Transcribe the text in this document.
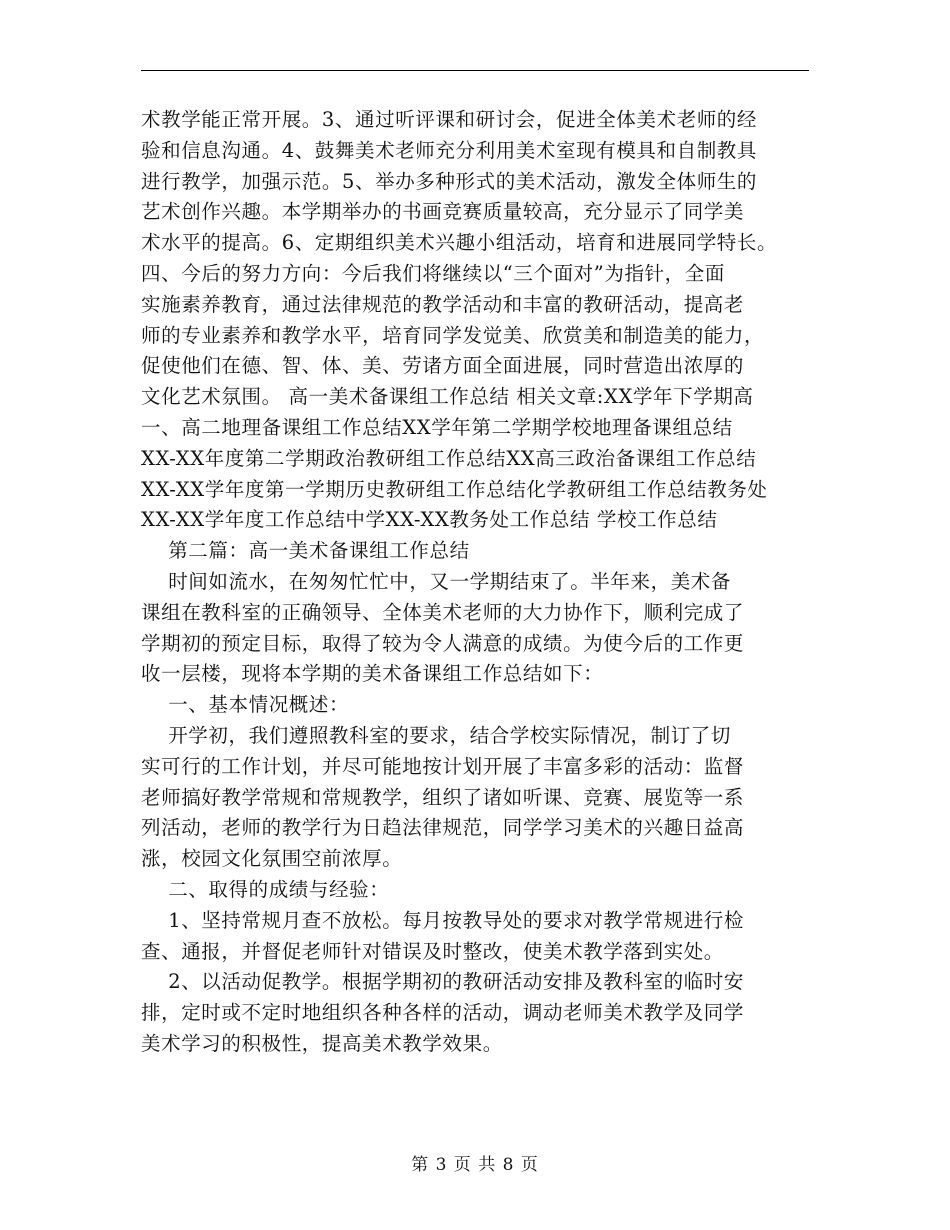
术教学能正常开展。3、通过听评课和研讨会，促进全体美术老师的经
验和信息沟通。4、鼓舞美术老师充分利用美术室现有模具和自制教具
进行教学，加强示范。5、举办多种形式的美术活动，激发全体师生的
艺术创作兴趣。本学期举办的书画竞赛质量较高，充分显示了同学美
术水平的提高。6、定期组织美术兴趣小组活动，培育和进展同学特长。
四、今后的努力方向：今后我们将继续以“三个面对”为指针，全面
实施素养教育，通过法律规范的教学活动和丰富的教研活动，提高老
师的专业素养和教学水平，培育同学发觉美、欣赏美和制造美的能力，
促使他们在德、智、体、美、劳诸方面全面进展，同时营造出浓厚的
文化艺术氛围。 高一美术备课组工作总结 相关文章:XX学年下学期高
一、高二地理备课组工作总结XX学年第二学期学校地理备课组总结
XX-XX年度第二学期政治教研组工作总结XX高三政治备课组工作总结
XX-XX学年度第一学期历史教研组工作总结化学教研组工作总结教务处
XX-XX学年度工作总结中学XX-XX教务处工作总结 学校工作总结
第二篇：高一美术备课组工作总结
时间如流水，在匆匆忙忙中，又一学期结束了。半年来，美术备
课组在教科室的正确领导、全体美术老师的大力协作下，顺利完成了
学期初的预定目标，取得了较为令人满意的成绩。为使今后的工作更
收一层楼，现将本学期的美术备课组工作总结如下：
一、基本情况概述：
开学初，我们遵照教科室的要求，结合学校实际情况，制订了切
实可行的工作计划，并尽可能地按计划开展了丰富多彩的活动：监督
老师搞好教学常规和常规教学，组织了诸如听课、竞赛、展览等一系
列活动，老师的教学行为日趋法律规范，同学学习美术的兴趣日益高
涨，校园文化氛围空前浓厚。
二、取得的成绩与经验：
1、坚持常规月查不放松。每月按教导处的要求对教学常规进行检
查、通报，并督促老师针对错误及时整改，使美术教学落到实处。
2、以活动促教学。根据学期初的教研活动安排及教科室的临时安
排，定时或不定时地组织各种各样的活动，调动老师美术教学及同学
美术学习的积极性，提高美术教学效果。
第 3 页 共 8 页
